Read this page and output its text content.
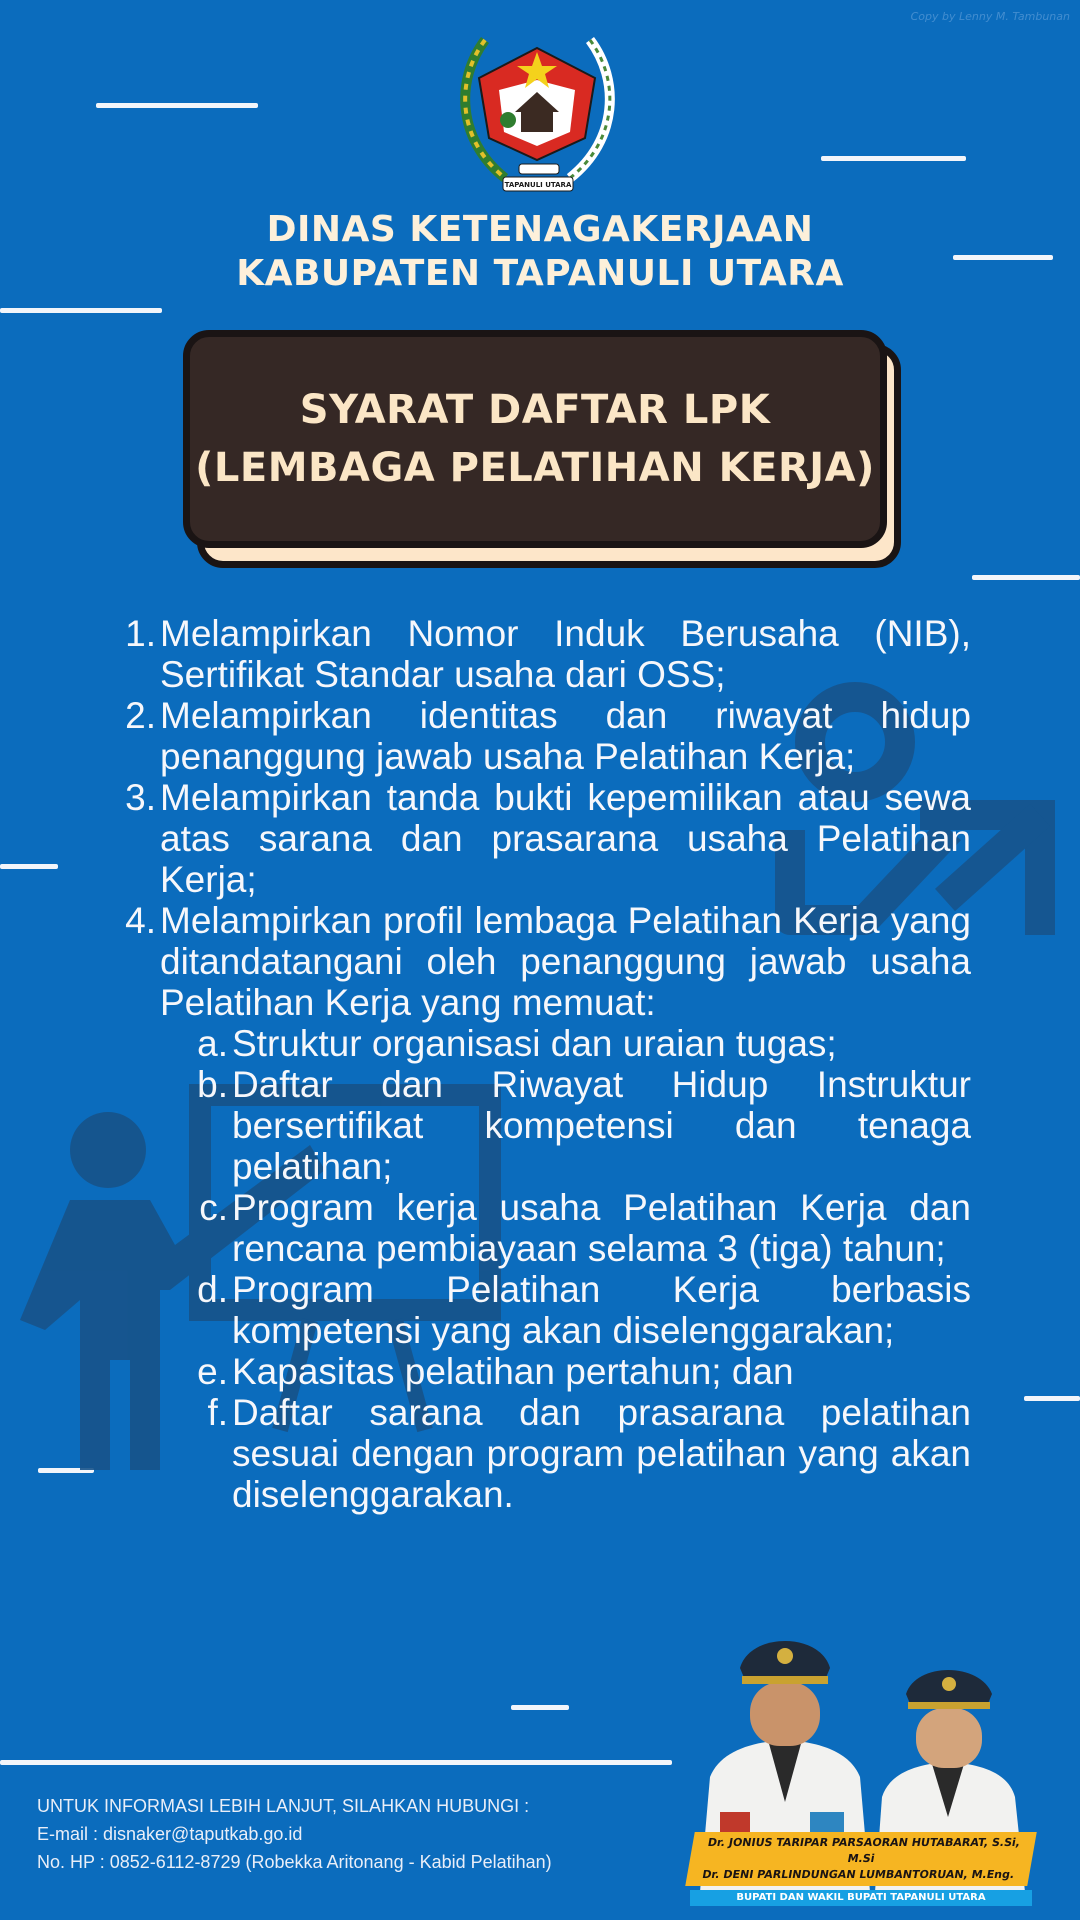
Copy by Lenny M. Tambunan
TAPANULI UTARA
DINAS KETENAGAKERJAAN
KABUPATEN TAPANULI UTARA
SYARAT DAFTAR LPK
(LEMBAGA PELATIHAN KERJA)
1. Melampirkan Nomor Induk Berusaha (NIB), Sertifikat Standar usaha dari OSS;
2. Melampirkan identitas dan riwayat hidup penanggung jawab usaha Pelatihan Kerja;
3. Melampirkan tanda bukti kepemilikan atau sewa atas sarana dan prasarana usaha Pelatihan Kerja;
4. Melampirkan profil lembaga Pelatihan Kerja yang ditandatangani oleh penanggung jawab usaha Pelatihan Kerja yang memuat:
a. Struktur organisasi dan uraian tugas;
b. Daftar dan Riwayat Hidup Instruktur bersertifikat kompetensi dan tenaga pelatihan;
c. Program kerja usaha Pelatihan Kerja dan rencana pembiayaan selama 3 (tiga) tahun;
d. Program Pelatihan Kerja berbasis kompetensi yang akan diselenggarakan;
e. Kapasitas pelatihan pertahun; dan
f. Daftar sarana dan prasarana pelatihan sesuai dengan program pelatihan yang akan diselenggarakan.
UNTUK INFORMASI LEBIH LANJUT, SILAHKAN HUBUNGI :
E-mail : disnaker@taputkab.go.id
No. HP : 0852-6112-8729 (Robekka Aritonang - Kabid Pelatihan)
Dr. JONIUS TARIPAR PARSAORAN HUTABARAT, S.Si, M.Si
Dr. DENI PARLINDUNGAN LUMBANTORUAN, M.Eng.
BUPATI DAN WAKIL BUPATI TAPANULI UTARA
